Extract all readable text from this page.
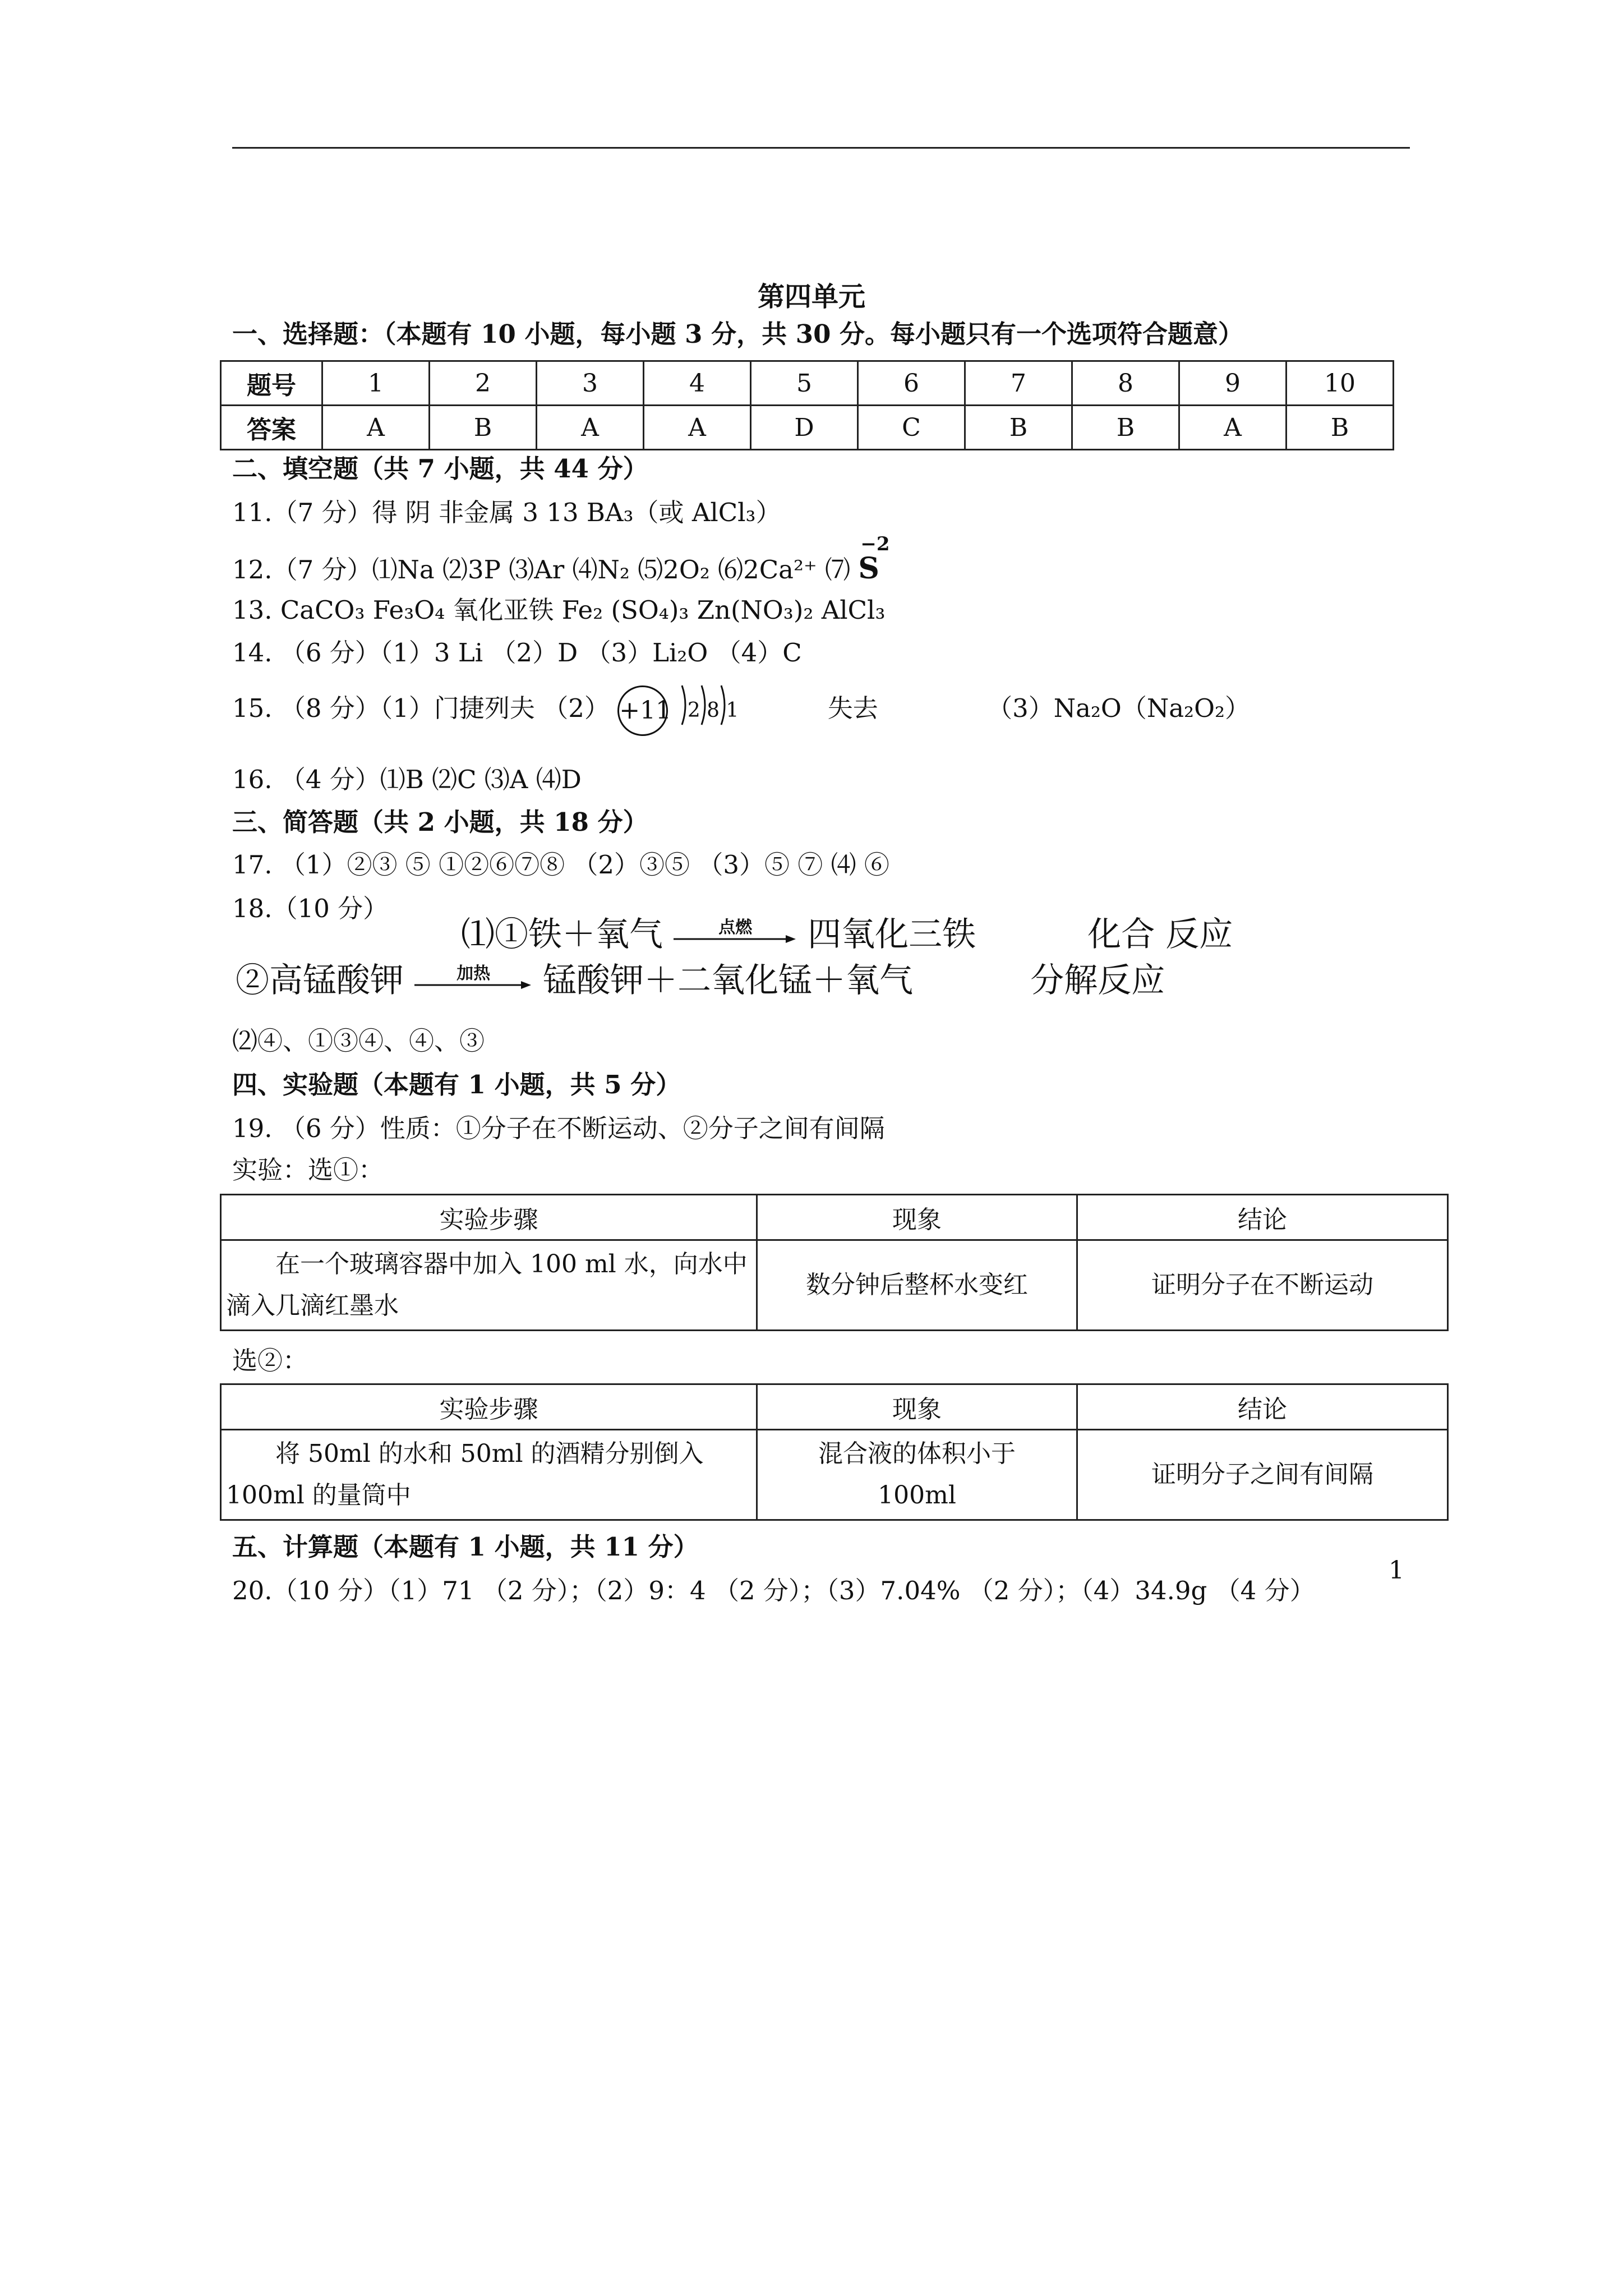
第四单元
一、选择题：（本题有 10 小题，每小题 3 分，共 30 分。每小题只有一个选项符合题意）
题号	1	2	3	4	5	6	7	8	9	10
答案	A	B	A	A	D	C	B	B	A	B
二、填空题（共 7 小题，共 44 分）
11.（7 分）得 阴 非金属 3 13 BA₃（或 AlCl₃）
12.（7 分）⑴Na ⑵3P ⑶Ar ⑷N₂ ⑸2O₂ ⑹2Ca²⁺ ⑺
−2
S
13. CaCO₃ Fe₃O₄ 氧化亚铁 Fe₂ (SO₄)₃ Zn(NO₃)₂ AlCl₃
14. （6 分）（1）3 Li （2）D （3）Li₂O （4）C
15. （8 分）（1）门捷列夫 （2） +11 2 8 1	失去	（3）Na₂O（Na₂O₂）
16. （4 分）⑴B ⑵C ⑶A ⑷D
三、简答题（共 2 小题，共 18 分）
17. （1）②③ ⑤ ①②⑥⑦⑧ （2）③⑤ （3）⑤ ⑦ ⑷ ⑥
18.（10 分）
⑴①铁＋氧气	点燃	四氧化三铁	化合 反应
②高锰酸钾	加热	锰酸钾＋二氧化锰＋氧气	分解反应
⑵④、①③④、④、③
四、实验题（本题有 1 小题，共 5 分）
19. （6 分）性质：①分子在不断运动、②分子之间有间隔
实验：选①：
实验步骤	现象	结论
在一个玻璃容器中加入 100 ml 水，向水中滴入几滴红墨水	数分钟后整杯水变红	证明分子在不断运动
选②：
实验步骤	现象	结论
将 50ml 的水和 50ml 的酒精分别倒入 100ml 的量筒中	混合液的体积小于100ml	证明分子之间有间隔
五、计算题（本题有 1 小题，共 11 分）
20.（10 分）（1）71 （2 分）；（2）9：4 （2 分）；（3）7.04% （2 分）；（4）34.9g （4 分）
1
